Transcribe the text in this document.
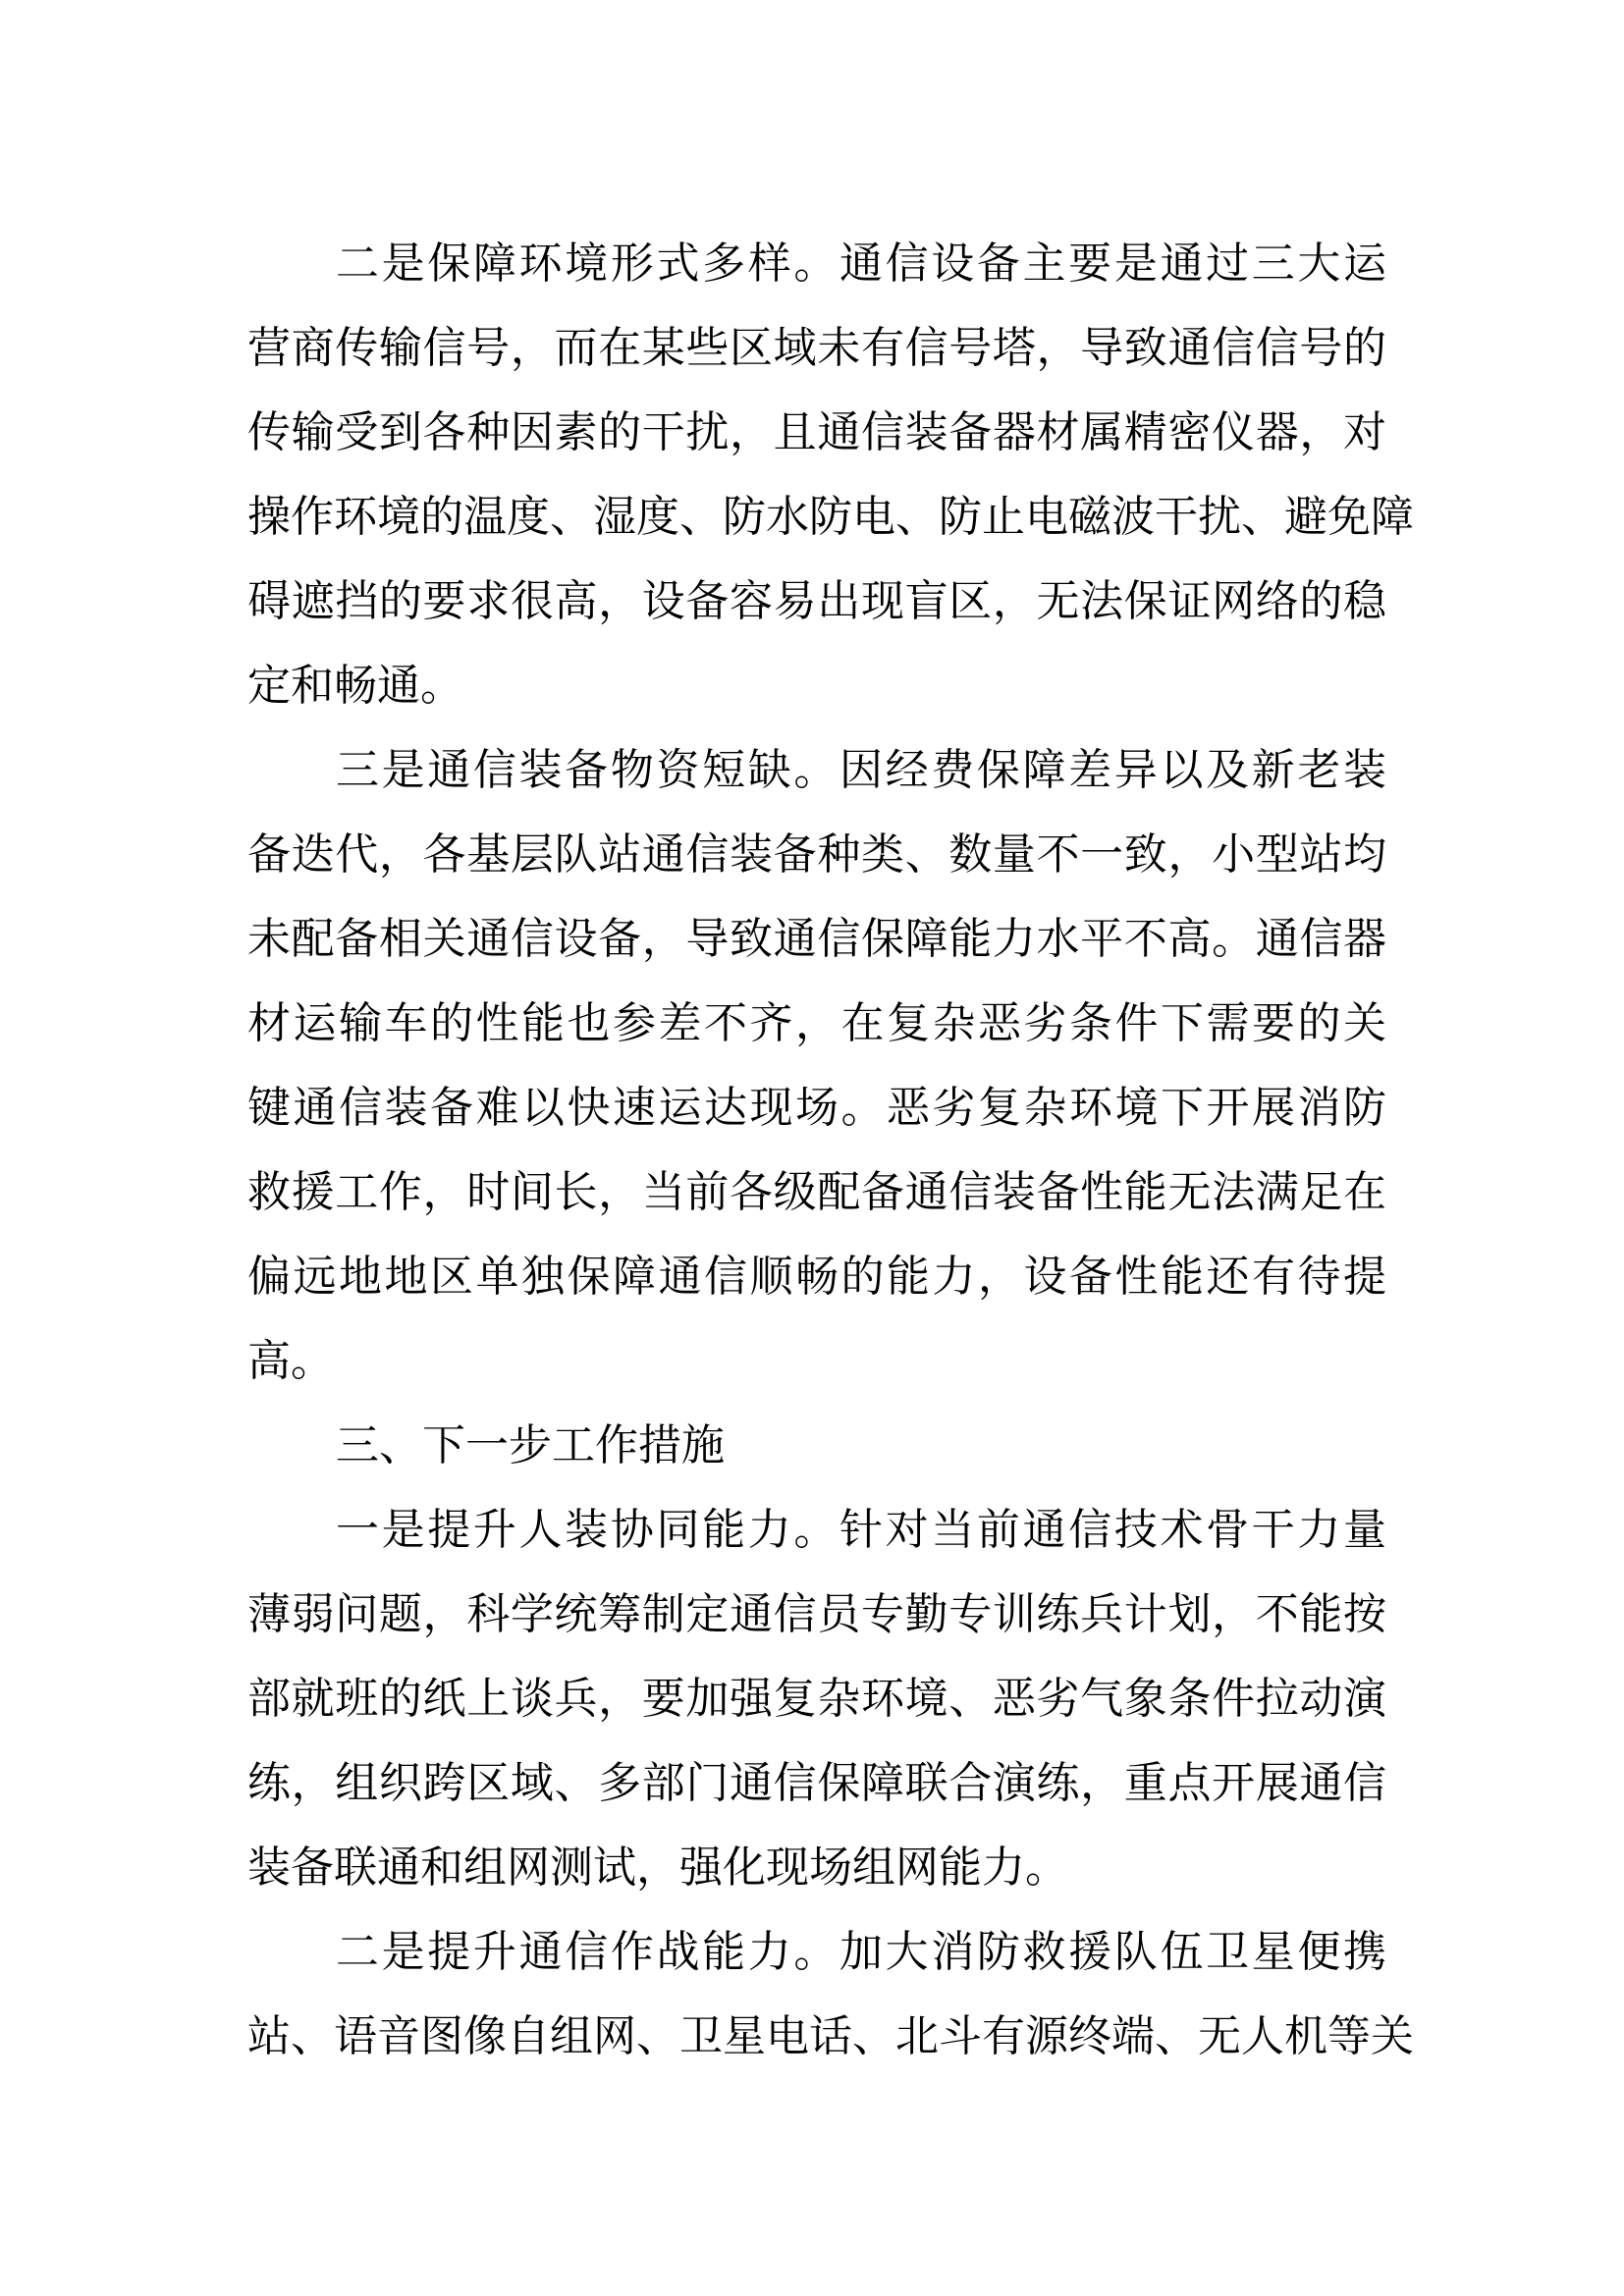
二是保障环境形式多样。通信设备主要是通过三大运
营商传输信号，而在某些区域未有信号塔，导致通信信号的
传输受到各种因素的干扰，且通信装备器材属精密仪器，对
操作环境的温度、湿度、防水防电、防止电磁波干扰、避免障
碍遮挡的要求很高，设备容易出现盲区，无法保证网络的稳
定和畅通。
三是通信装备物资短缺。因经费保障差异以及新老装
备迭代，各基层队站通信装备种类、数量不一致，小型站均
未配备相关通信设备，导致通信保障能力水平不高。通信器
材运输车的性能也参差不齐，在复杂恶劣条件下需要的关
键通信装备难以快速运达现场。恶劣复杂环境下开展消防
救援工作，时间长，当前各级配备通信装备性能无法满足在
偏远地地区单独保障通信顺畅的能力，设备性能还有待提
高。
三、下一步工作措施
一是提升人装协同能力。针对当前通信技术骨干力量
薄弱问题，科学统筹制定通信员专勤专训练兵计划，不能按
部就班的纸上谈兵，要加强复杂环境、恶劣气象条件拉动演
练，组织跨区域、多部门通信保障联合演练，重点开展通信
装备联通和组网测试，强化现场组网能力。
二是提升通信作战能力。加大消防救援队伍卫星便携
站、语音图像自组网、卫星电话、北斗有源终端、无人机等关
